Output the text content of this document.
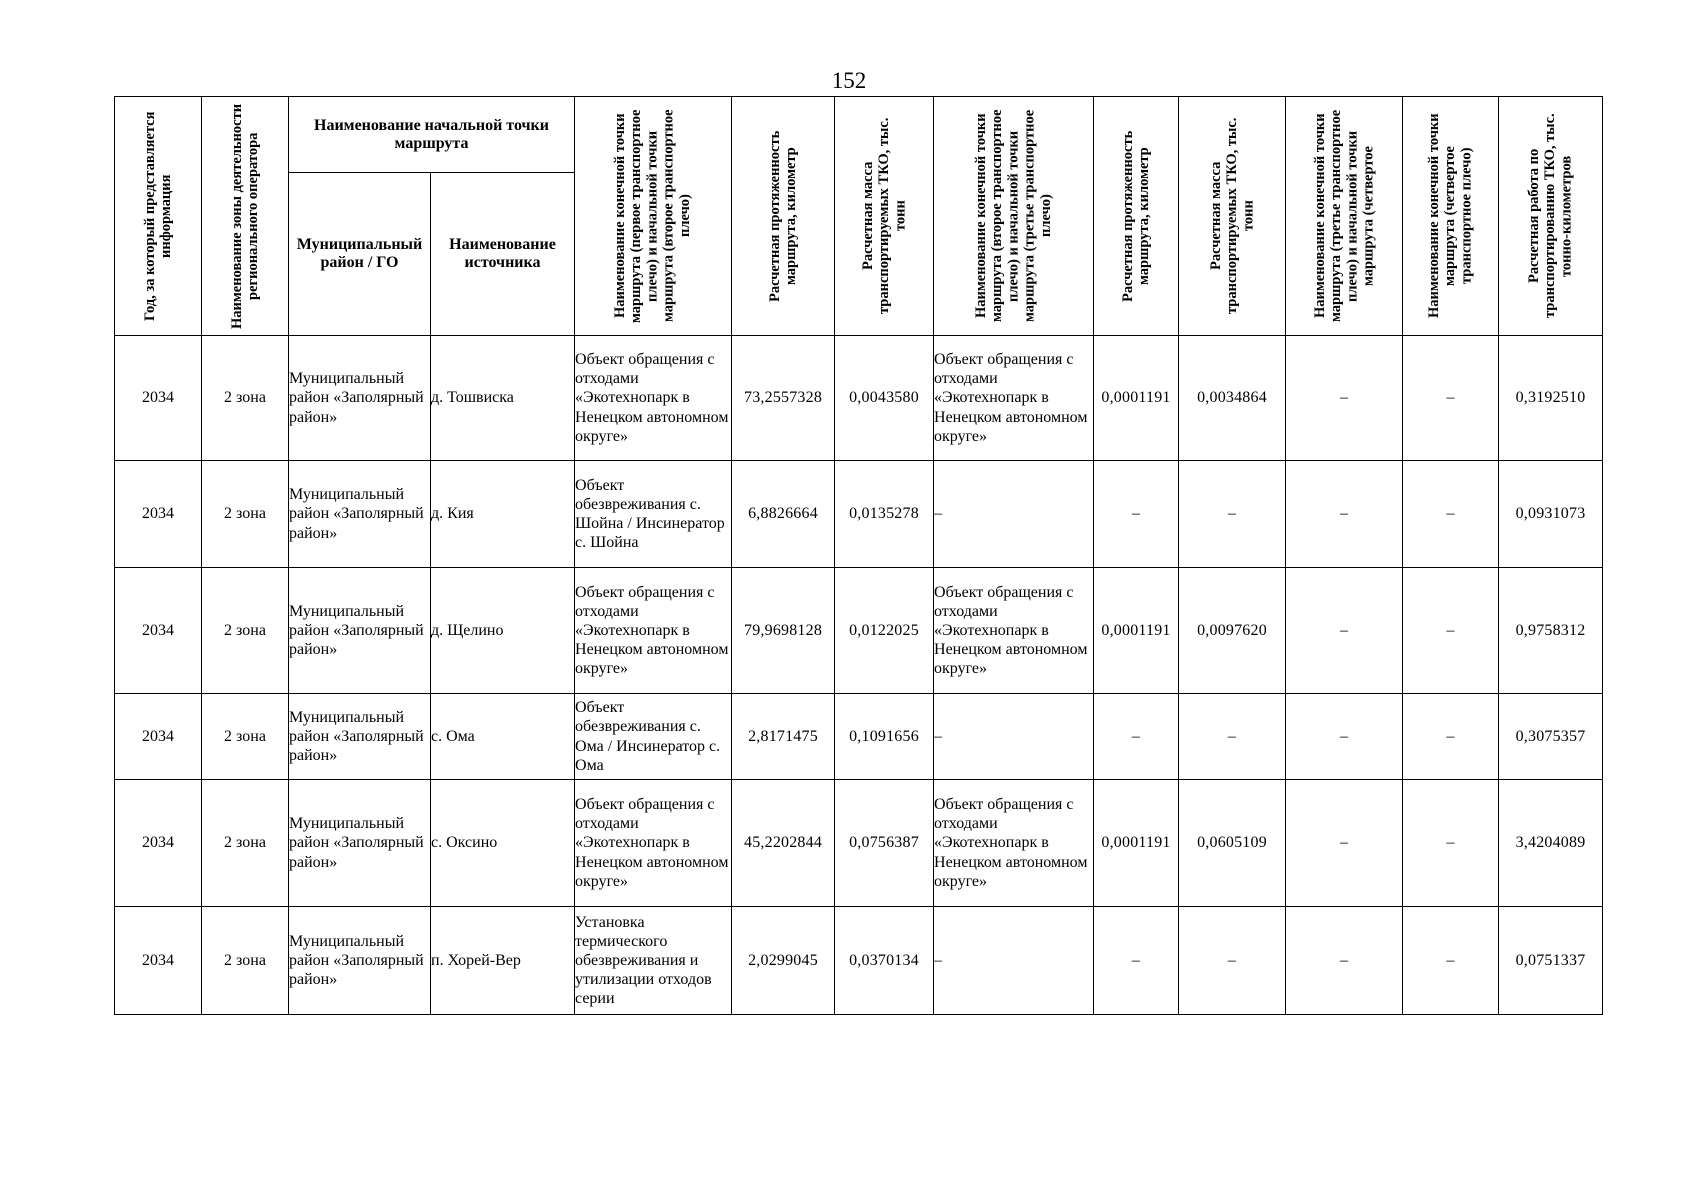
152
Год, за который представляется информация	Наименование зоны деятельности регионального оператора	Наименование начальной точки маршрута		Наименование конечной точки маршрута (первое транспортное плечо) и начальной точки маршрута (второе транспортное плечо)	Расчетная протяженность маршрута, километр	Расчетная масса транспортируемых ТКО, тыс. тонн	Наименование конечной точки маршрута (второе транспортное плечо) и начальной точки маршрута (третье транспортное плечо)	Расчетная протяженность маршрута, километр	Расчетная масса транспортируемых ТКО, тыс. тонн	Наименование конечной точки маршрута (третье транспортное плечо) и начальной точки маршрута (четвертое	Наименование конечной точки маршрута (четвертое транспортное плечо)	Расчетная работа по транспортированию ТКО, тыс. тонно-километров

		Муниципальный район / ГО	Наименование источника									
2034	2 зона	Муниципальный район «Заполярный район»	д. Тошвиска	Объект обращения с отходами «Экотехнопарк в Ненецком автономном округе»	73,2557328	0,0043580	Объект обращения с отходами «Экотехнопарк в Ненецком автономном округе»	0,0001191	0,0034864	–	–	0,3192510
2034	2 зона	Муниципальный район «Заполярный район»	д. Кия	Объект обезвреживания с. Шойна / Инсинератор с. Шойна	6,8826664	0,0135278	–	–	–	–	–	0,0931073
2034	2 зона	Муниципальный район «Заполярный район»	д. Щелино	Объект обращения с отходами «Экотехнопарк в Ненецком автономном округе»	79,9698128	0,0122025	Объект обращения с отходами «Экотехнопарк в Ненецком автономном округе»	0,0001191	0,0097620	–	–	0,9758312
2034	2 зона	Муниципальный район «Заполярный район»	с. Ома	Объект обезвреживания с. Ома / Инсинератор с. Ома	2,8171475	0,1091656	–	–	–	–	–	0,3075357
2034	2 зона	Муниципальный район «Заполярный район»	с. Оксино	Объект обращения с отходами «Экотехнопарк в Ненецком автономном округе»	45,2202844	0,0756387	Объект обращения с отходами «Экотехнопарк в Ненецком автономном округе»	0,0001191	0,0605109	–	–	3,4204089
2034	2 зона	Муниципальный район «Заполярный район»	п. Хорей-Вер	Установка термического обезвреживания и утилизации отходов серии	2,0299045	0,0370134	–	–	–	–	–	0,0751337
